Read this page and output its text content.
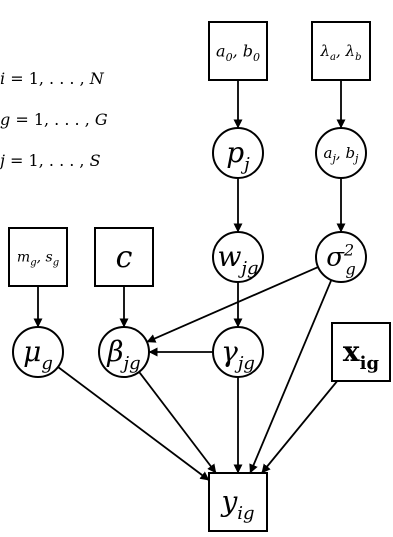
i = 1, . . . , N
g = 1, . . . , G
j = 1, . . . , S
$a_0$, $b_0$	$\lambda_a$, $\lambda_b$
$p_j$
$a_j$, $b_j$
$w_{jg}$	$\sigma^2$ g
$m_g$, $s_g$ c
$\mu_g$ $\beta_{jg}$	$\gamma_{jg}$	$x_{ig}$
$y_{ig}$
